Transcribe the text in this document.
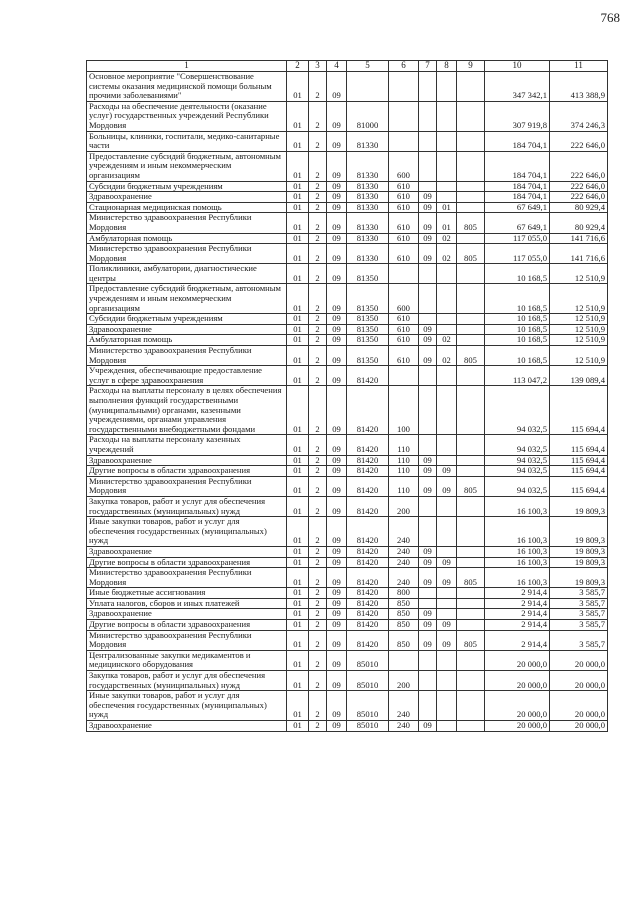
768
1	2	3	4	5	6	7	8	9	10	11
Основное мероприятие "Совершенствование системы оказания медицинской помощи больным прочими заболеваниями"	01	2	09						347 342,1	413 388,9
Расходы на обеспечение деятельности (оказание услуг) государственных учреждений Республики Мордовия	01	2	09	81000					307 919,8	374 246,3
Больницы, клиники, госпитали, медико-санитарные части	01	2	09	81330					184 704,1	222 646,0
Предоставление субсидий бюджетным, автономным учреждениям и иным некоммерческим организациям	01	2	09	81330	600				184 704,1	222 646,0
Субсидии бюджетным учреждениям	01	2	09	81330	610				184 704,1	222 646,0
Здравоохранение	01	2	09	81330	610	09			184 704,1	222 646,0
Стационарная медицинская помощь	01	2	09	81330	610	09	01		67 649,1	80 929,4
Министерство здравоохранения Республики Мордовия	01	2	09	81330	610	09	01	805	67 649,1	80 929,4
Амбулаторная помощь	01	2	09	81330	610	09	02		117 055,0	141 716,6
Министерство здравоохранения Республики Мордовия	01	2	09	81330	610	09	02	805	117 055,0	141 716,6
Поликлиники, амбулатории, диагностические центры	01	2	09	81350					10 168,5	12 510,9
Предоставление субсидий бюджетным, автономным учреждениям и иным некоммерческим организациям	01	2	09	81350	600				10 168,5	12 510,9
Субсидии бюджетным учреждениям	01	2	09	81350	610				10 168,5	12 510,9
Здравоохранение	01	2	09	81350	610	09			10 168,5	12 510,9
Амбулаторная помощь	01	2	09	81350	610	09	02		10 168,5	12 510,9
Министерство здравоохранения Республики Мордовия	01	2	09	81350	610	09	02	805	10 168,5	12 510,9
Учреждения, обеспечивающие предоставление услуг в сфере здравоохранения	01	2	09	81420					113 047,2	139 089,4
Расходы на выплаты персоналу в целях обеспечения выполнения функций государственными (муниципальными) органами, казенными учреждениями, органами управления государственными внебюджетными фондами	01	2	09	81420	100				94 032,5	115 694,4
Расходы на выплаты персоналу казенных учреждений	01	2	09	81420	110				94 032,5	115 694,4
Здравоохранение	01	2	09	81420	110	09			94 032,5	115 694,4
Другие вопросы в области здравоохранения	01	2	09	81420	110	09	09		94 032,5	115 694,4
Министерство здравоохранения Республики Мордовия	01	2	09	81420	110	09	09	805	94 032,5	115 694,4
Закупка товаров, работ и услуг для обеспечения государственных (муниципальных) нужд	01	2	09	81420	200				16 100,3	19 809,3
Иные закупки товаров, работ и услуг для обеспечения государственных (муниципальных) нужд	01	2	09	81420	240				16 100,3	19 809,3
Здравоохранение	01	2	09	81420	240	09			16 100,3	19 809,3
Другие вопросы в области здравоохранения	01	2	09	81420	240	09	09		16 100,3	19 809,3
Министерство здравоохранения Республики Мордовия	01	2	09	81420	240	09	09	805	16 100,3	19 809,3
Иные бюджетные ассигнования	01	2	09	81420	800				2 914,4	3 585,7
Уплата налогов, сборов и иных платежей	01	2	09	81420	850				2 914,4	3 585,7
Здравоохранение	01	2	09	81420	850	09			2 914,4	3 585,7
Другие вопросы в области здравоохранения	01	2	09	81420	850	09	09		2 914,4	3 585,7
Министерство здравоохранения Республики Мордовия	01	2	09	81420	850	09	09	805	2 914,4	3 585,7
Централизованные закупки медикаментов и медицинского оборудования	01	2	09	85010					20 000,0	20 000,0
Закупка товаров, работ и услуг для обеспечения государственных (муниципальных) нужд	01	2	09	85010	200				20 000,0	20 000,0
Иные закупки товаров, работ и услуг для обеспечения государственных (муниципальных) нужд	01	2	09	85010	240				20 000,0	20 000,0
Здравоохранение	01	2	09	85010	240	09			20 000,0	20 000,0
